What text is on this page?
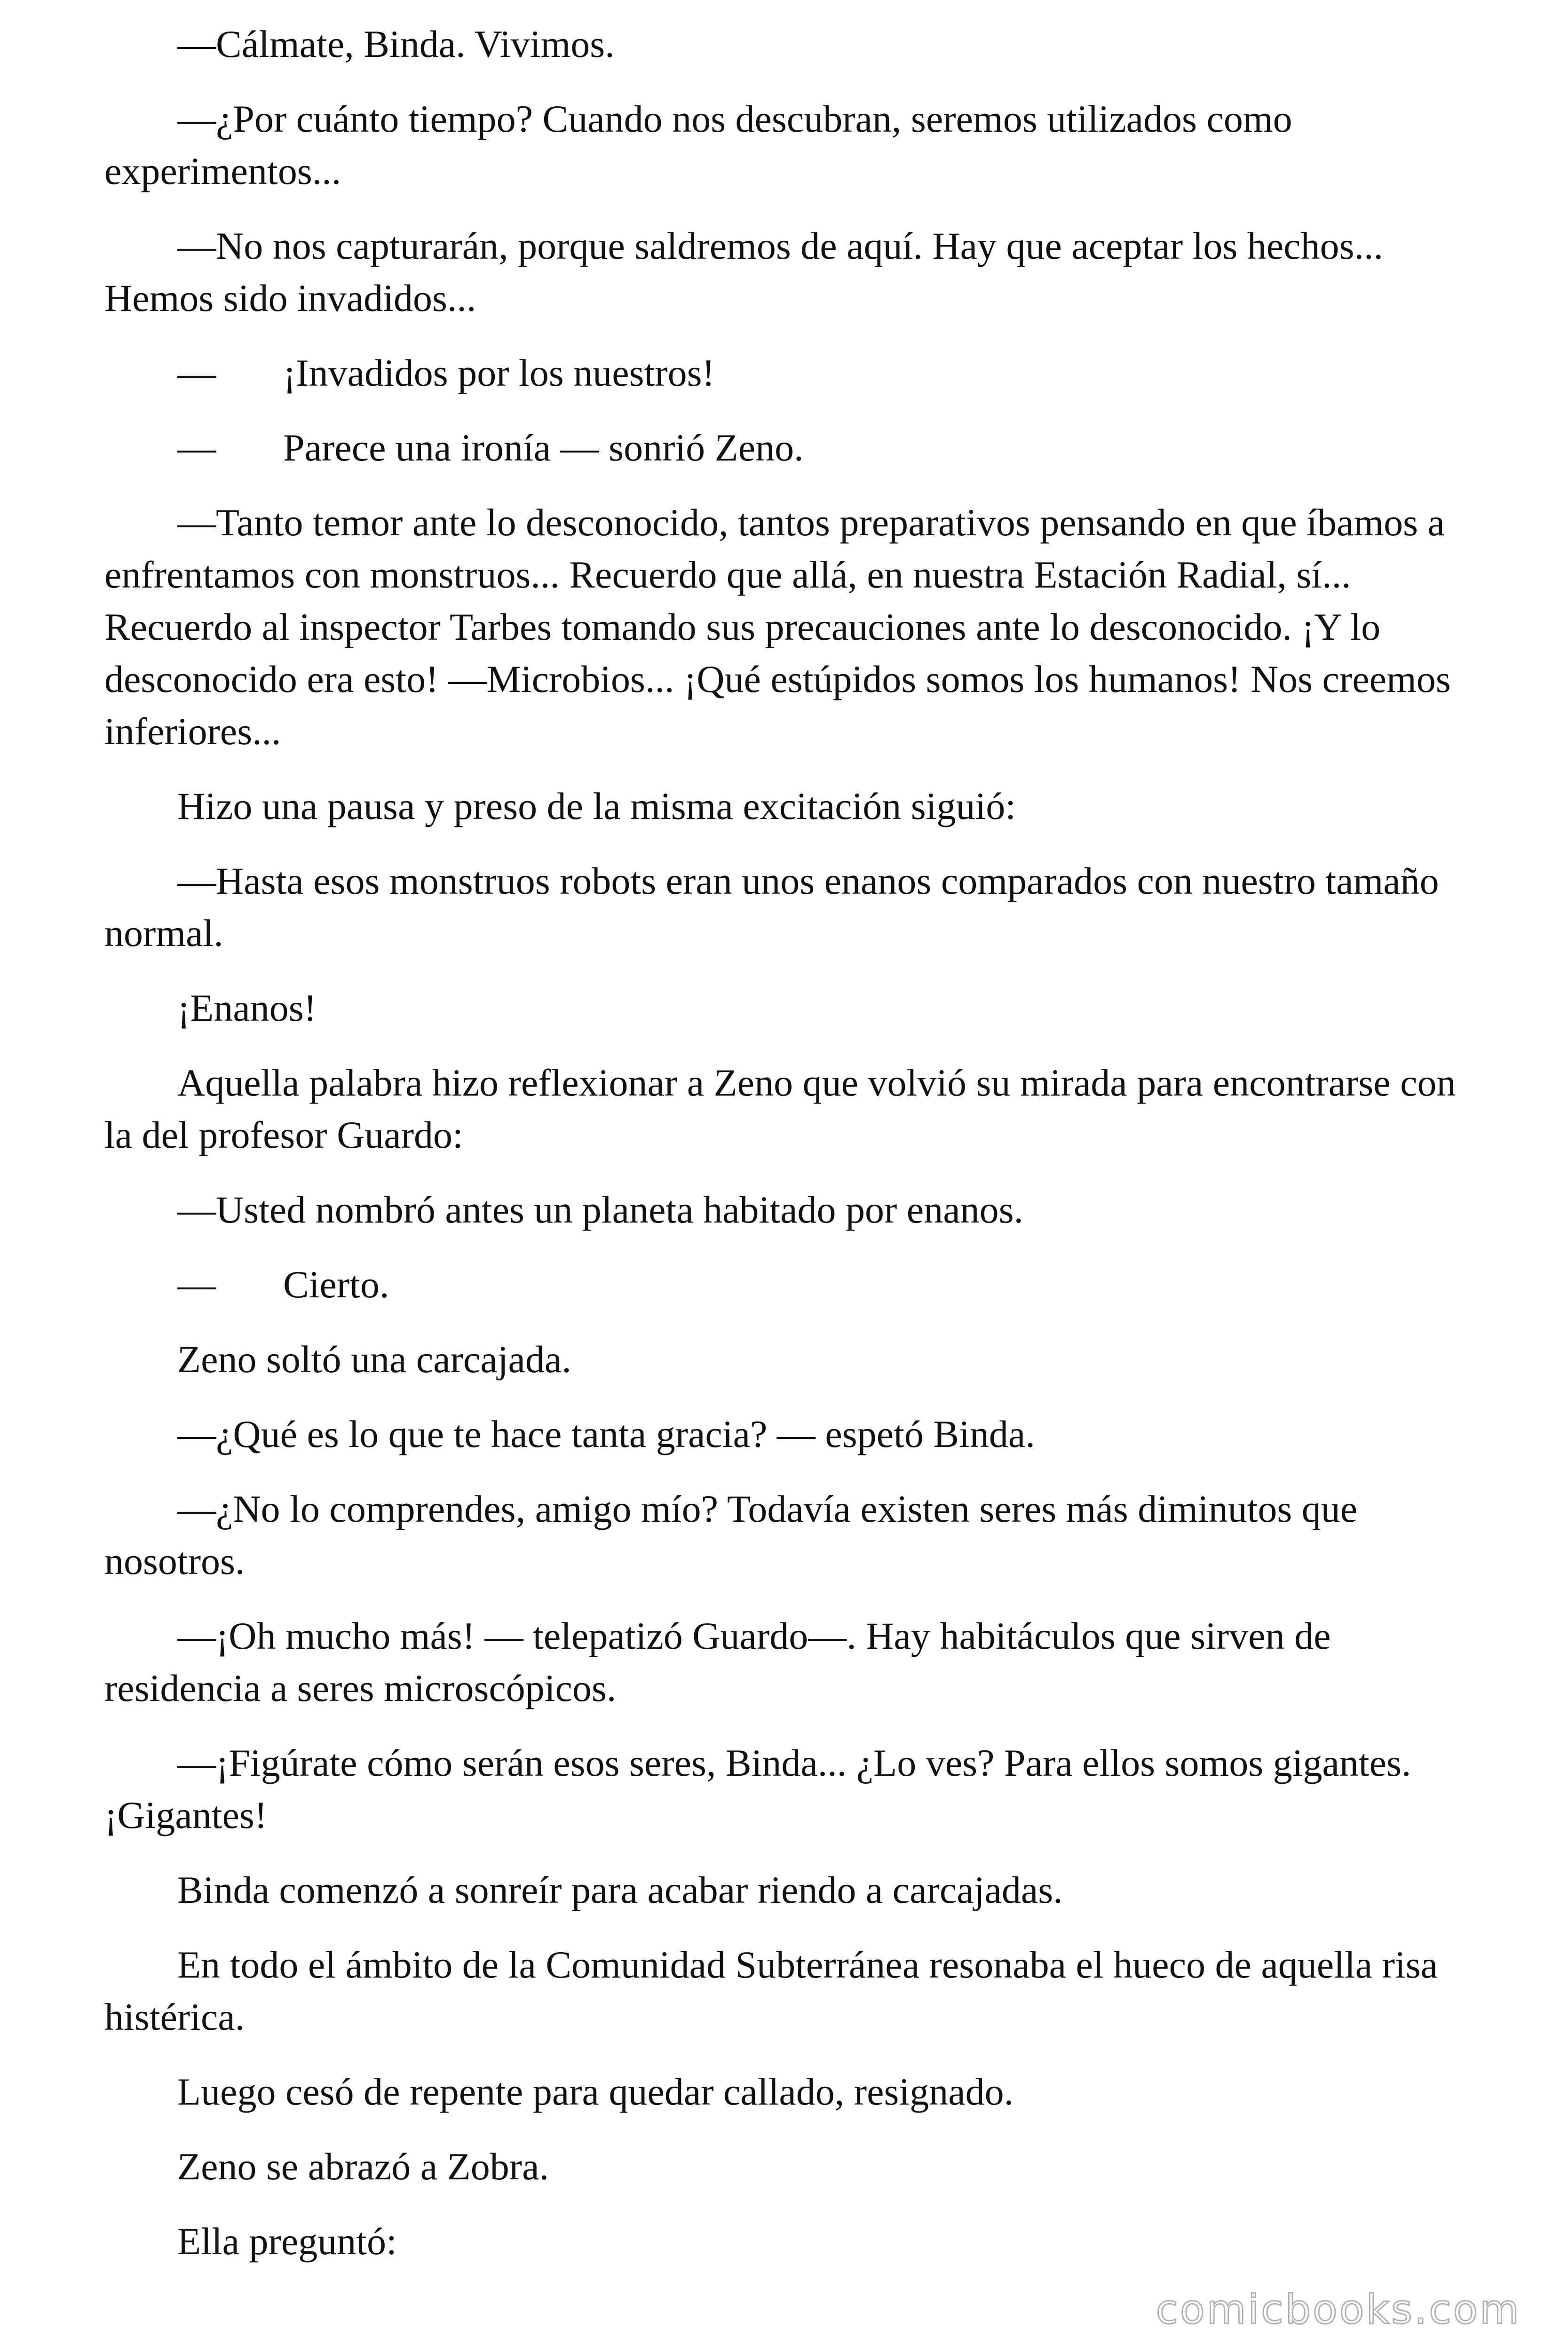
—Cálmate, Binda. Vivimos.

—¿Por cuánto tiempo? Cuando nos descubran, seremos utilizados como experimentos...

—No nos capturarán, porque saldremos de aquí. Hay que aceptar los hechos... Hemos sido invadidos...

—	¡Invadidos por los nuestros!

—	Parece una ironía — sonrió Zeno.

—Tanto temor ante lo desconocido, tantos preparativos pensando en que íbamos a enfrentamos con monstruos... Recuerdo que allá, en nuestra Estación Radial, sí... Recuerdo al inspector Tarbes tomando sus precauciones ante lo desconocido. ¡Y lo desconocido era esto! —Microbios... ¡Qué estúpidos somos los humanos! Nos creemos inferiores...

Hizo una pausa y preso de la misma excitación siguió:

—Hasta esos monstruos robots eran unos enanos comparados con nuestro tamaño normal.

¡Enanos!

Aquella palabra hizo reflexionar a Zeno que volvió su mirada para encontrarse con la del profesor Guardo:

—Usted nombró antes un planeta habitado por enanos.

—	Cierto.

Zeno soltó una carcajada.

—¿Qué es lo que te hace tanta gracia? — espetó Binda.

—¿No lo comprendes, amigo mío? Todavía existen seres más diminutos que nosotros.

—¡Oh mucho más! — telepatizó Guardo—. Hay habitáculos que sirven de residencia a seres microscópicos.

—¡Figúrate cómo serán esos seres, Binda... ¿Lo ves? Para ellos somos gigantes. ¡Gigantes!

Binda comenzó a sonreír para acabar riendo a carcajadas.

En todo el ámbito de la Comunidad Subterránea resonaba el hueco de aquella risa histérica.

Luego cesó de repente para quedar callado, resignado.

Zeno se abrazó a Zobra.

Ella preguntó:

comicbooks.com
